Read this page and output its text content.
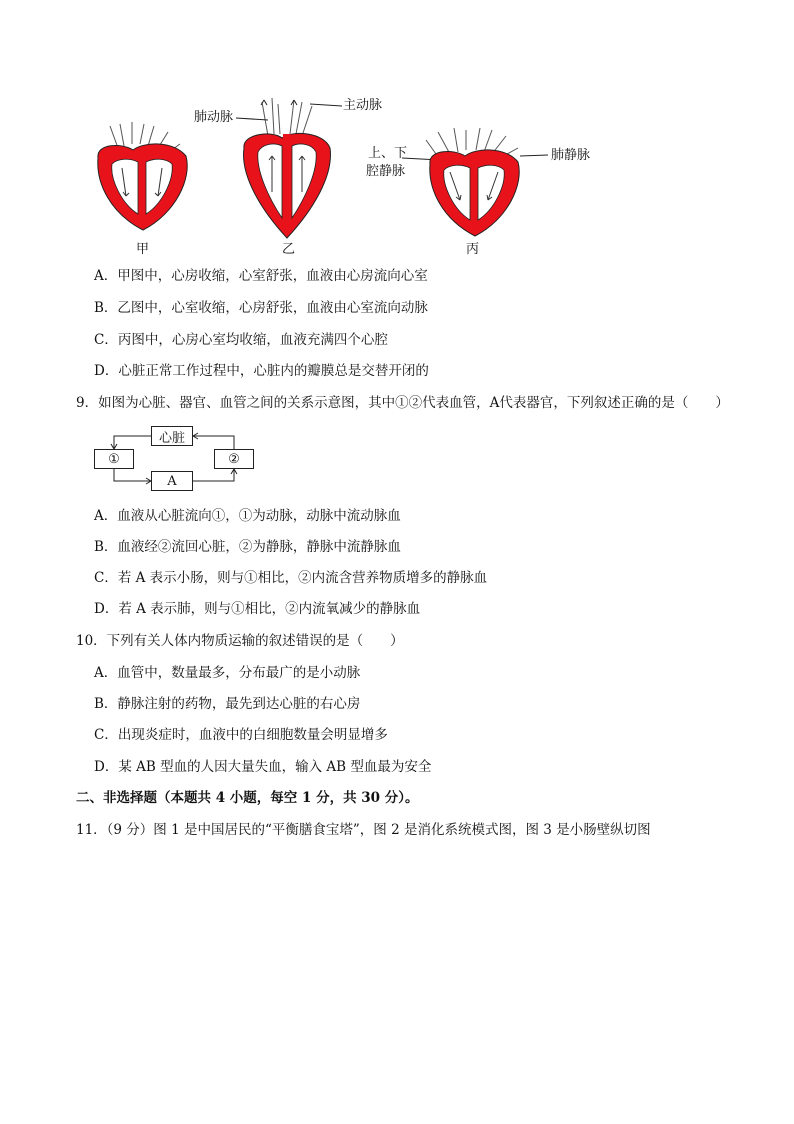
甲
肺动脉
主动脉
乙
上、下
腔静脉
肺静脉
丙
A．甲图中，心房收缩，心室舒张，血液由心房流向心室
B．乙图中，心室收缩，心房舒张，血液由心室流向动脉
C．丙图中，心房心室均收缩，血液充满四个心腔
D．心脏正常工作过程中，心脏内的瓣膜总是交替开闭的
9．如图为心脏、器官、血管之间的关系示意图，其中①②代表血管，A代表器官，下列叙述正确的是（　　）
心脏
①	②
A
A．血液从心脏流向①，①为动脉，动脉中流动脉血
B．血液经②流回心脏，②为静脉，静脉中流静脉血
C．若 A 表示小肠，则与①相比，②内流含营养物质增多的静脉血
D．若 A 表示肺，则与①相比，②内流氧减少的静脉血
10．下列有关人体内物质运输的叙述错误的是（　　）
A．血管中，数量最多，分布最广的是小动脉
B．静脉注射的药物，最先到达心脏的右心房
C．出现炎症时，血液中的白细胞数量会明显增多
D．某 AB 型血的人因大量失血，输入 AB 型血最为安全
二、非选择题（本题共 4 小题，每空 1 分，共 30 分）。
11．（9 分）图 1 是中国居民的“平衡膳食宝塔”，图 2 是消化系统模式图，图 3 是小肠壁纵切图
